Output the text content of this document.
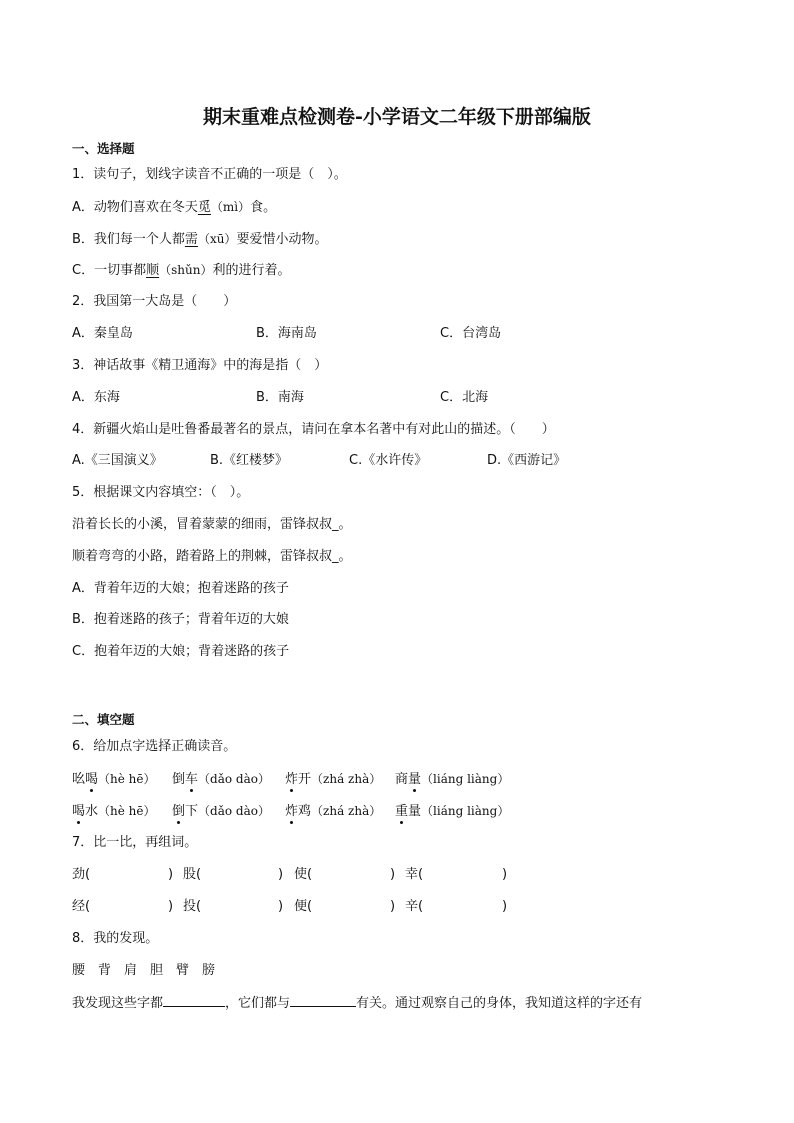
期末重难点检测卷-小学语文二年级下册部编版
一、选择题
1．读句子，划线字读音不正确的一项是（　）。
A．动物们喜欢在冬天觅（mì）食。
B．我们每一个人都需（xū）要爱惜小动物。
C．一切事都顺（shǔn）利的进行着。
2．我国第一大岛是（　　）
A．秦皇岛	B．海南岛	C．台湾岛
3．神话故事《精卫通海》中的海是指（　）
A．东海	B．南海	C．北海
4．新疆火焰山是吐鲁番最著名的景点，请问在拿本名著中有对此山的描述。（　　）
A.《三国演义》	B.《红楼梦》	C.《水许传》	D.《西游记》
5．根据课文内容填空：（　）。
沿着长长的小溪，冒着蒙蒙的细雨，雷锋叔叔_。
顺着弯弯的小路，踏着路上的荆棘，雷锋叔叔_。
A．背着年迈的大娘；抱着迷路的孩子
B．抱着迷路的孩子；背着年迈的大娘
C．抱着年迈的大娘；背着迷路的孩子
二、填空题
6．给加点字选择正确读音。
吆喝（hè hē） 倒车（dǎo dào） 炸开（zhá zhà） 商量（liáng liàng）
喝水（hè hē） 倒下（dǎo dào） 炸鸡（zhá zhà） 重量（liáng liàng）
7．比一比，再组词。
劲(	) 股(	) 使(	) 幸(	)
经(	) 投(	) 便(	) 辛(	)
8．我的发现。
腰　背　肩　胆　臂　膀
我发现这些字都	，它们都与	有关。通过观察自己的身体，我知道这样的字还有
